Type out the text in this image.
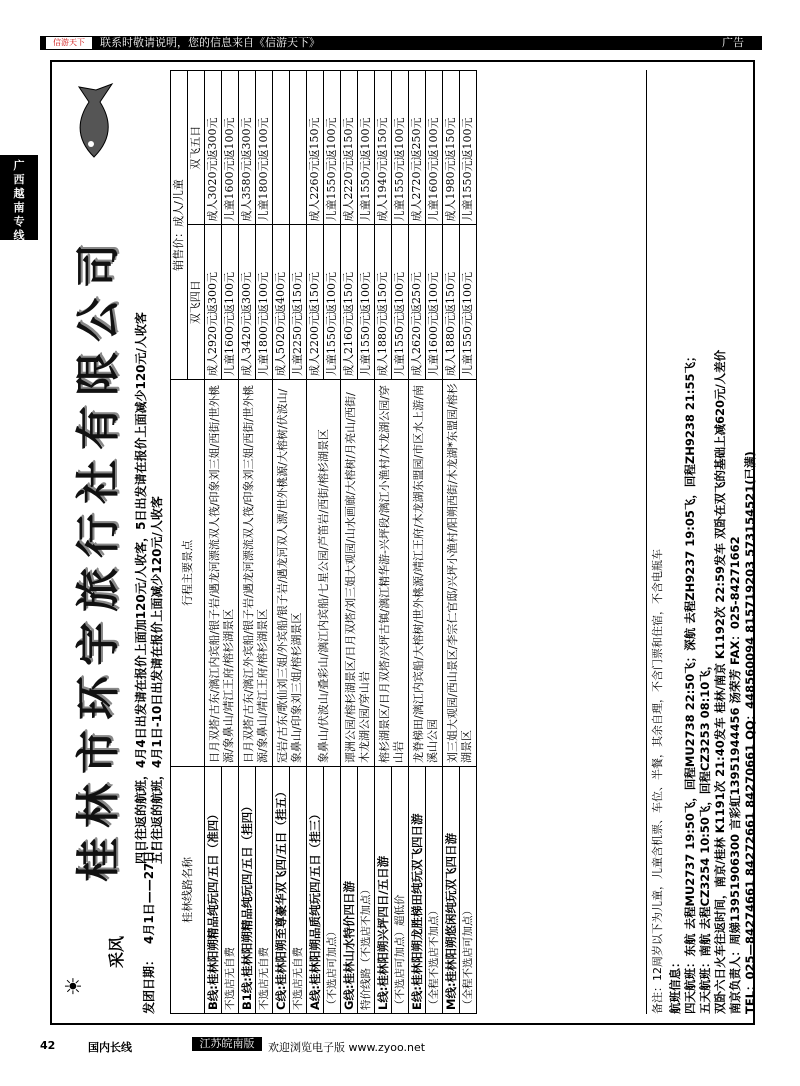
信游天下	联系时敬请说明，您的信息来自《信游天下》	广告
广西越南专线
☀
采风
桂林市环宇旅行社有限公司
发团日期：
4月1日——27日；
四日往返的航班，4月4日出发请在报价上面加120元/人收客，5日出发请在报价上面减少120元/人收客 五日往返的航班，4月1日-10日出发请在报价上面减少120元/人收客
桂林线路名称	行程主要景点	销售价：成人/儿童	
		双飞四日	双飞五日
B线:桂林阳朔精品纯玩四/五日（准四）	日月双塔/古东/漓江内宾船/银子岩/遇龙河漂流双人筏/印象刘三姐/西街/世外桃源/象鼻山/靖江王府/榕杉湖景区	成人2920元返300元	成人3020元返300元
不选店无自费		儿童1600元返100元	儿童1600元返100元
B1线:桂林阳朔精品纯玩四/五日（挂四）	日月双塔/古东/漓江外宾船/银子岩/遇龙河漂流双人筏/印象刘三姐/西街/世外桃源/象鼻山/靖江王府/榕杉湖景区	成人3420元返300元	成人3580元返300元
不选店无自费		儿童1800元返100元	儿童1800元返100元
C线:桂林阳朔至尊豪华双飞四/五日（挂五）	冠岩/古东/歌仙刘三姐/外宾船/银子岩/遇龙河双人漂/世外桃源/大榕树/伏波山/象鼻山/印象刘三姐/榕杉湖景区	成人5020元返400元	
不选店无自费		儿童2250元返150元	
A线:桂林阳朔品质纯玩四/五日（挂三）	象鼻山/伏波山/叠彩山/漓江内宾船/七星公园/芦笛岩/西街/榕杉湖景区	成人2200元返150元	成人2260元返150元
（不选店可加点）		儿童1550元返100元	儿童1550元返100元
G线:桂林山水特价四日游	谭洲公园/榕杉湖景区/日月双塔/刘三姐大观园/山水画廊/大榕树/月亮山/西街/木龙湖公园/穿山岩	成人2160元返150元	成人2220元返150元
特价线路（不选店不加点）		儿童1550元返100元	儿童1550元返100元
L线:桂林阳朔兴坪四日/五日游	榕杉湖景区/日月双塔/兴坪古镇/漓江精华游-兴坪段/漓江小渔村/木龙湖公园/穿山岩	成人1880元返150元	成人1940元返150元
（不选店可加点）超低价		儿童1550元返100元	儿童1550元返100元
E线:桂林阳朔龙胜梯田纯玩双飞四日游	龙脊梯田/漓江内宾船/大榕树/世外桃源/靖江王府/木龙湖东盟园/市区水上游/南溪山公园	成人2620元返250元	成人2720元返250元
（全程不选店不加点）		儿童1600元返100元	儿童1600元返100元
M线:桂林阳朔悠闲纯玩双飞四日游	刘三姐大观园/西山景区/李宗仁官邸/兴坪小渔村/阳朔西街/木龙湖*东盟园/榕杉湖景区	成人1880元返150元	成人1980元返150元
（全程不选店可加点）		儿童1550元返100元	儿童1550元返100元
备注：12周岁以下为儿童，儿童含机票、车位、半餐，其余自理，不含门票和住宿，不含电瓶车 航班信息： 四天航班：东航 去程MU2737 19:50飞，回程MU2738 22:50飞；深航 去程ZH9237 19:05飞，回程ZH9238 21:55飞； 五天航班：南航 去程CZ3254 10:50飞，回程CZ3253 08:10飞， 双卧六日火车往返时间，南京/桂林 K1191次 21:40发车 桂林/南京 K1192次 22:59发车 双卧在双飞的基础上减620元/人差价 南京负责人：周娣13951906300 言彩虹13951944456 汤荣芳 FAX：025-84271662 TEL：025—84274661 84272661 84270661 QQ：448560094 815719203 573154521(已满)
42	国内长线	江苏皖南版	欢迎浏览电子版 www.zyoo.net
